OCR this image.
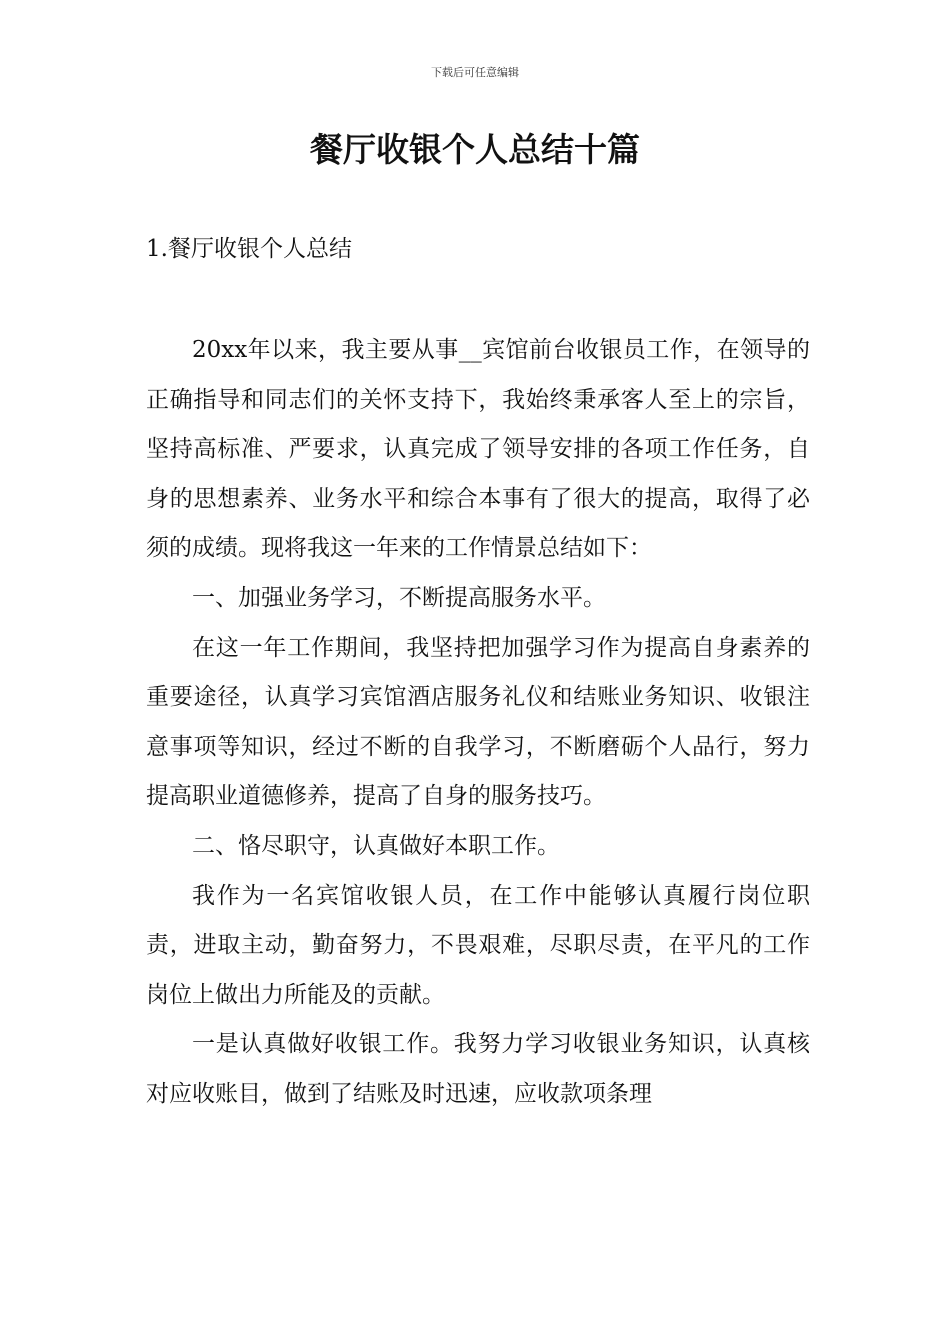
下载后可任意编辑
餐厅收银个人总结十篇
1.餐厅收银个人总结

20xx年以来，我主要从事__宾馆前台收银员工作，在领导的正确指导和同志们的关怀支持下，我始终秉承客人至上的宗旨，坚持高标准、严要求，认真完成了领导安排的各项工作任务，自身的思想素养、业务水平和综合本事有了很大的提高，取得了必须的成绩。现将我这一年来的工作情景总结如下：

一、加强业务学习，不断提高服务水平。

在这一年工作期间，我坚持把加强学习作为提高自身素养的重要途径，认真学习宾馆酒店服务礼仪和结账业务知识、收银注意事项等知识，经过不断的自我学习，不断磨砺个人品行，努力提高职业道德修养，提高了自身的服务技巧。

二、恪尽职守，认真做好本职工作。

我作为一名宾馆收银人员，在工作中能够认真履行岗位职责，进取主动，勤奋努力，不畏艰难，尽职尽责，在平凡的工作岗位上做出力所能及的贡献。

一是认真做好收银工作。我努力学习收银业务知识，认真核对应收账目，做到了结账及时迅速，应收款项条理
